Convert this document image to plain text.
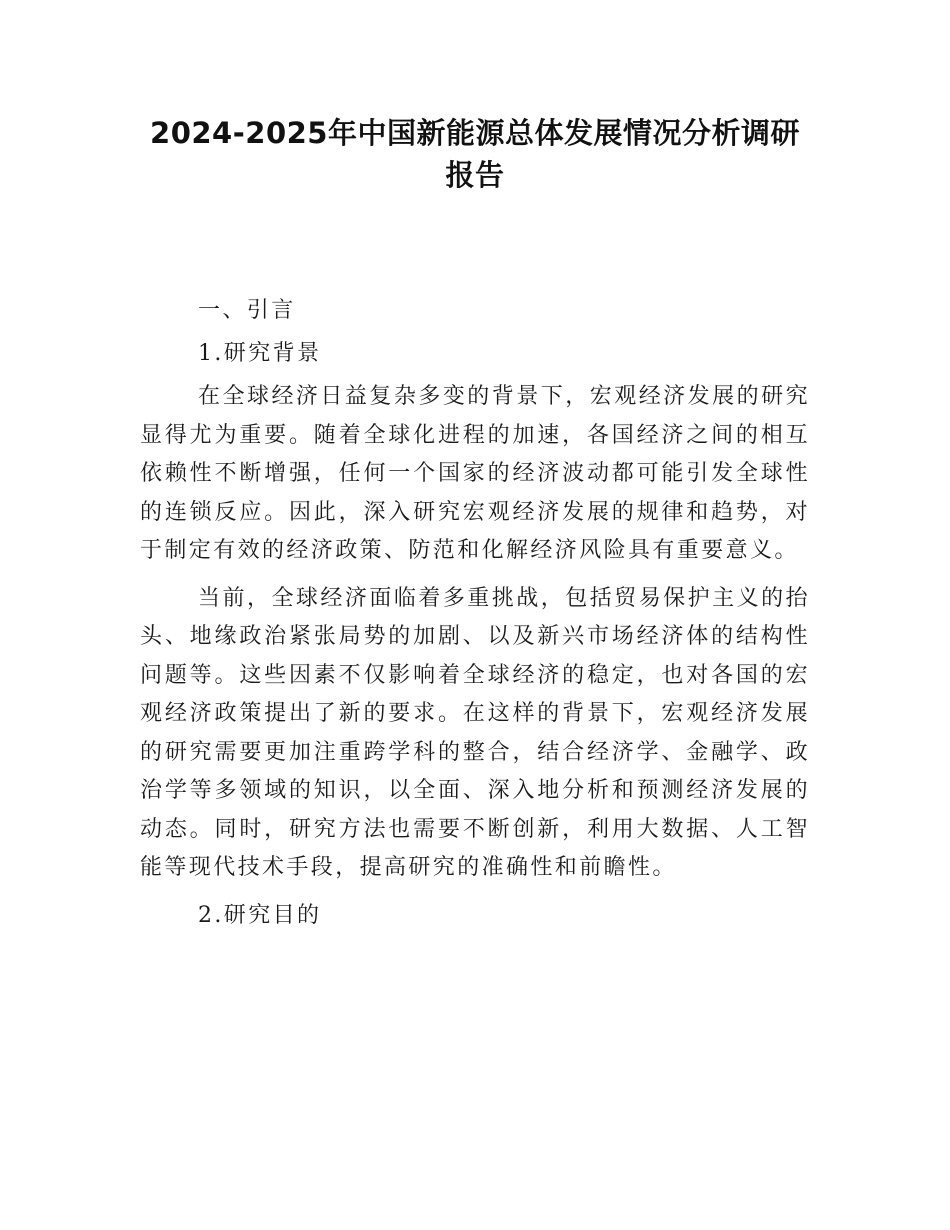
2024-2025年中国新能源总体发展情况分析调研
报告

一、引言

1.研究背景

在全球经济日益复杂多变的背景下，宏观经济发展的研究显得尤为重要。随着全球化进程的加速，各国经济之间的相互依赖性不断增强，任何一个国家的经济波动都可能引发全球性的连锁反应。因此，深入研究宏观经济发展的规律和趋势，对于制定有效的经济政策、防范和化解经济风险具有重要意义。

当前，全球经济面临着多重挑战，包括贸易保护主义的抬头、地缘政治紧张局势的加剧、以及新兴市场经济体的结构性问题等。这些因素不仅影响着全球经济的稳定，也对各国的宏观经济政策提出了新的要求。在这样的背景下，宏观经济发展的研究需要更加注重跨学科的整合，结合经济学、金融学、政治学等多领域的知识，以全面、深入地分析和预测经济发展的动态。同时，研究方法也需要不断创新，利用大数据、人工智能等现代技术手段，提高研究的准确性和前瞻性。

2.研究目的
